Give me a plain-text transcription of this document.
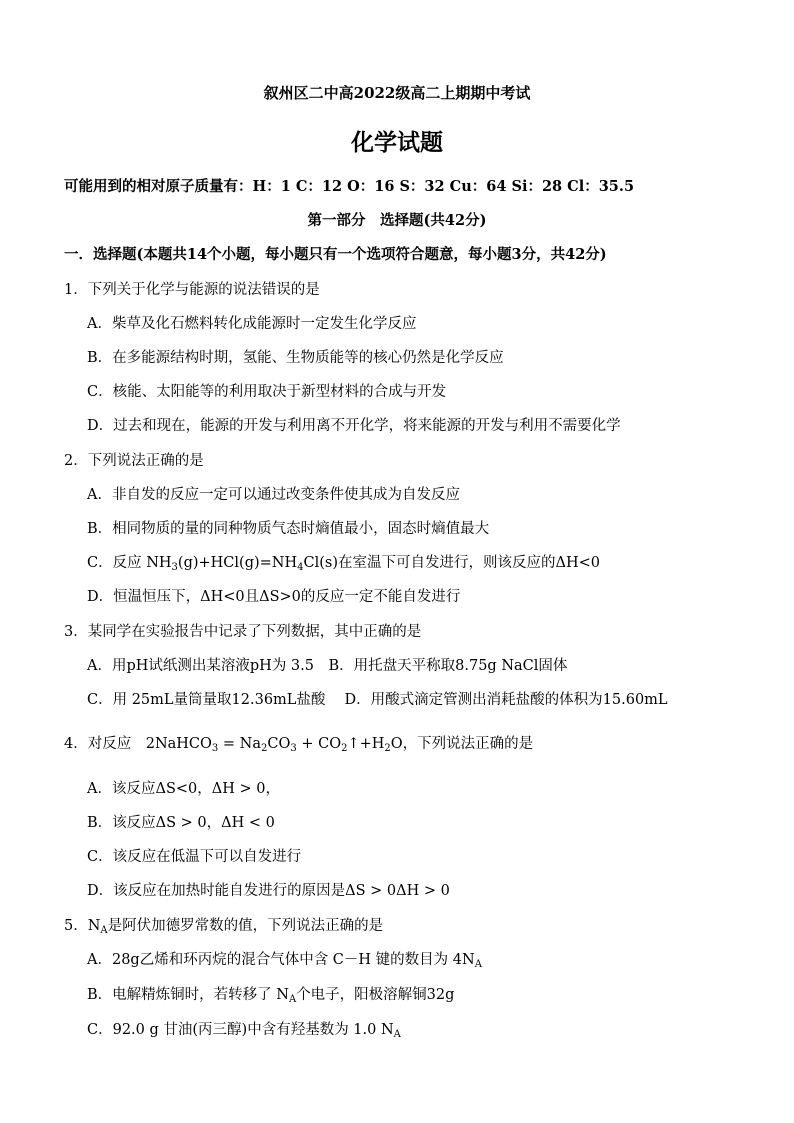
叙州区二中高2022级高二上期期中考试
化学试题
可能用到的相对原子质量有：H：1 C：12 O：16 S：32 Cu：64 Si：28 Cl：35.5
第一部分　选择题(共42分)
一．选择题(本题共14个小题，每小题只有一个选项符合题意，每小题3分，共42分)
1．下列关于化学与能源的说法错误的是
A．柴草及化石燃料转化成能源时一定发生化学反应
B．在多能源结构时期，氢能、生物质能等的核心仍然是化学反应
C．核能、太阳能等的利用取决于新型材料的合成与开发
D．过去和现在，能源的开发与利用离不开化学，将来能源的开发与利用不需要化学
2．下列说法正确的是
A．非自发的反应一定可以通过改变条件使其成为自发反应
B．相同物质的量的同种物质气态时熵值最小，固态时熵值最大
C．反应 $NH_3(g)+HCl(g)=NH_4Cl(s)$在室温下可自发进行，则该反应的ΔH<0
D．恒温恒压下，ΔH<0且ΔS>0的反应一定不能自发进行
3．某同学在实验报告中记录了下列数据，其中正确的是
A．用pH试纸测出某溶液pH为 3.5　B．用托盘天平称取8.75g NaCl固体
C．用 25mL量筒量取12.36mL盐酸　 D．用酸式滴定管测出消耗盐酸的体积为15.60mL
4．对反应　2NaHCO$_3$ = $Na_2CO_3$ + $CO_2↑+H_2O$，下列说法正确的是
A．该反应ΔS<0，ΔH > 0，
B．该反应ΔS > 0，ΔH < 0
C．该反应在低温下可以自发进行
D．该反应在加热时能自发进行的原因是ΔS > 0ΔH > 0
5．$N_A$是阿伏加德罗常数的值，下列说法正确的是
A．28g乙烯和环丙烷的混合气体中含 C－H 键的数目为 $4N_A$
B．电解精炼铜时，若转移了 $N_A$个电子，阳极溶解铜32g
C．92.0 g 甘油(丙三醇)中含有羟基数为 1.0 $N_A$
